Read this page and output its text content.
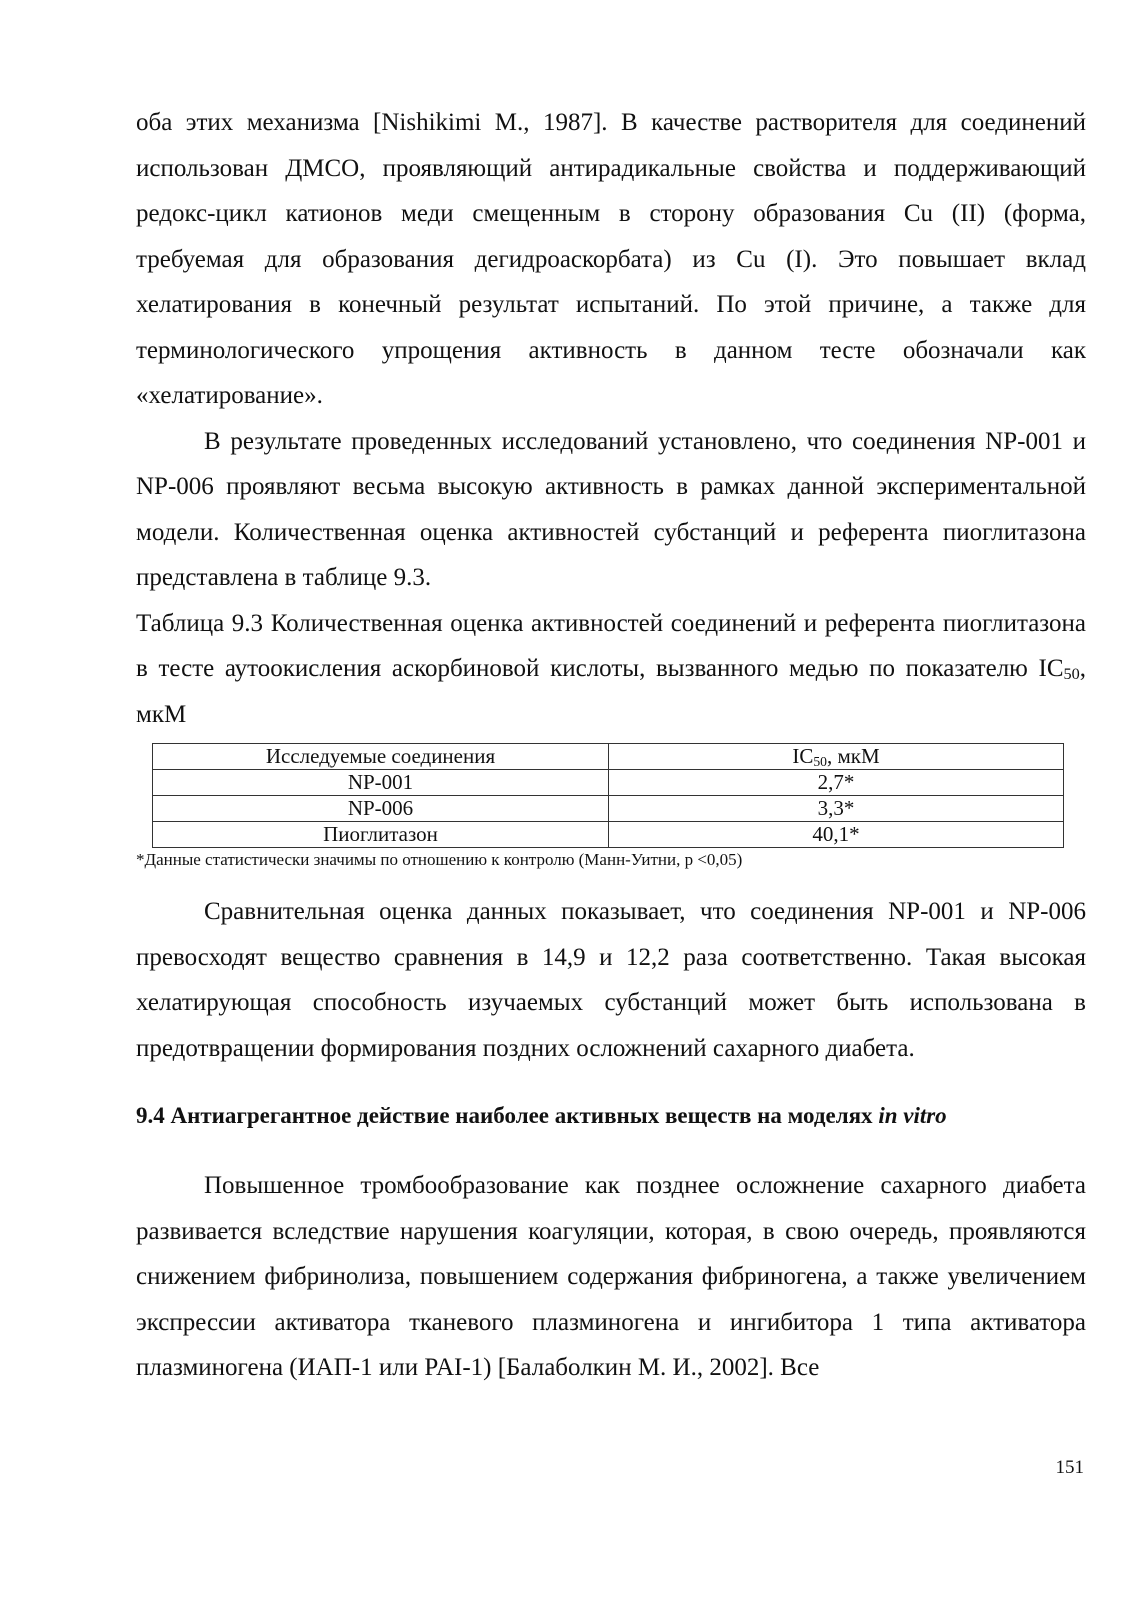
оба этих механизма [Nishikimi M., 1987]. В качестве растворителя для соединений использован ДМСО, проявляющий антирадикальные свойства и поддерживающий редокс-цикл катионов меди смещенным в сторону образования Cu (II) (форма, требуемая для образования дегидроаскорбата) из Cu (I). Это повышает вклад хелатирования в конечный результат испытаний. По этой причине, а также для терминологического упрощения активность в данном тесте обозначали как «хелатирование».

В результате проведенных исследований установлено, что соединения NP-001 и NP-006 проявляют весьма высокую активность в рамках данной экспериментальной модели. Количественная оценка активностей субстанций и референта пиоглитазона представлена в таблице 9.3.

Таблица 9.3 Количественная оценка активностей соединений и референта пиоглитазона в тесте аутоокисления аскорбиновой кислоты, вызванного медью по показателю $IC_{50}$, мкМ

Исследуемые соединения	$IC_{50}$, мкМ
NP-001	2,7*
NP-006	3,3*
Пиоглитазон	40,1*

*Данные статистически значимы по отношению к контролю (Манн-Уитни, р <0,05)

Сравнительная оценка данных показывает, что соединения NP-001 и NP-006 превосходят вещество сравнения в 14,9 и 12,2 раза соответственно. Такая высокая хелатирующая способность изучаемых субстанций может быть использована в предотвращении формирования поздних осложнений сахарного диабета.

9.4 Антиагрегантное действие наиболее активных веществ на моделях in vitro

Повышенное тромбообразование как позднее осложнение сахарного диабета развивается вследствие нарушения коагуляции, которая, в свою очередь, проявляются снижением фибринолиза, повышением содержания фибриногена, а также увеличением экспрессии активатора тканевого плазминогена и ингибитора 1 типа активатора плазминогена (ИАП-1 или PAI-1) [Балаболкин М. И., 2002]. Все

151
